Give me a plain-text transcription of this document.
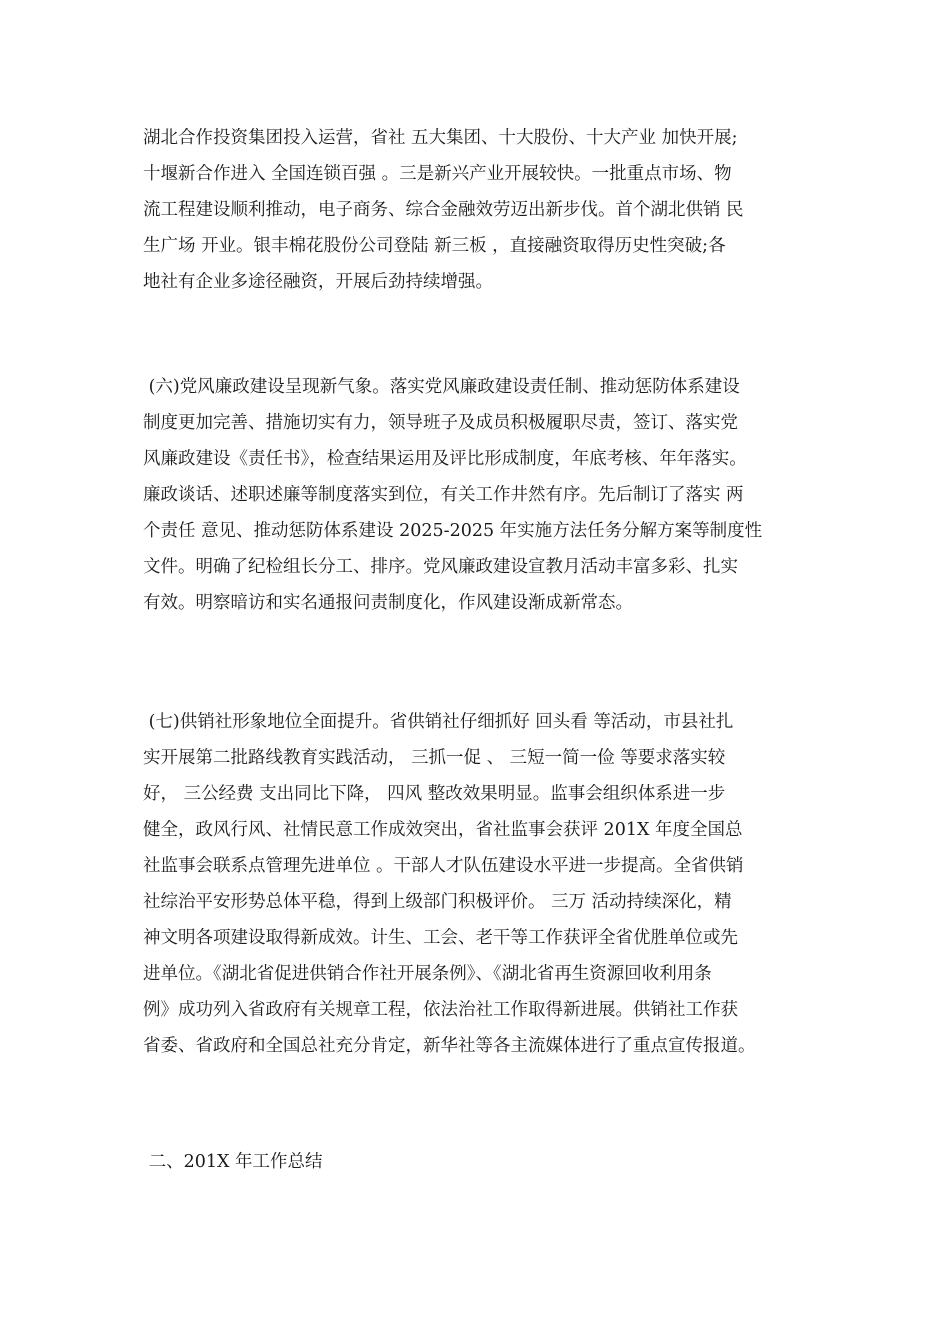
湖北合作投资集团投入运营，省社 五大集团、十大股份、十大产业 加快开展;
十堰新合作进入 全国连锁百强 。三是新兴产业开展较快。一批重点市场、物
流工程建设顺利推动，电子商务、综合金融效劳迈出新步伐。首个湖北供销 民
生广场 开业。银丰棉花股份公司登陆 新三板 ，直接融资取得历史性突破;各
地社有企业多途径融资，开展后劲持续增强。
(六)党风廉政建设呈现新气象。落实党风廉政建设责任制、推动惩防体系建设
制度更加完善、措施切实有力，领导班子及成员积极履职尽责，签订、落实党
风廉政建设《责任书》，检查结果运用及评比形成制度，年底考核、年年落实。
廉政谈话、述职述廉等制度落实到位，有关工作井然有序。先后制订了落实 两
个责任 意见、推动惩防体系建设 2025-2025 年实施方法任务分解方案等制度性
文件。明确了纪检组长分工、排序。党风廉政建设宣教月活动丰富多彩、扎实
有效。明察暗访和实名通报问责制度化，作风建设渐成新常态。
(七)供销社形象地位全面提升。省供销社仔细抓好 回头看 等活动，市县社扎
实开展第二批路线教育实践活动， 三抓一促 、 三短一简一俭 等要求落实较
好， 三公经费 支出同比下降， 四风 整改效果明显。监事会组织体系进一步
健全，政风行风、社情民意工作成效突出，省社监事会获评 201X 年度全国总
社监事会联系点管理先进单位 。干部人才队伍建设水平进一步提高。全省供销
社综治平安形势总体平稳，得到上级部门积极评价。 三万 活动持续深化，精
神文明各项建设取得新成效。计生、工会、老干等工作获评全省优胜单位或先
进单位。《湖北省促进供销合作社开展条例》、《湖北省再生资源回收利用条
例》成功列入省政府有关规章工程，依法治社工作取得新进展。供销社工作获
省委、省政府和全国总社充分肯定，新华社等各主流媒体进行了重点宣传报道。
二、201X 年工作总结
